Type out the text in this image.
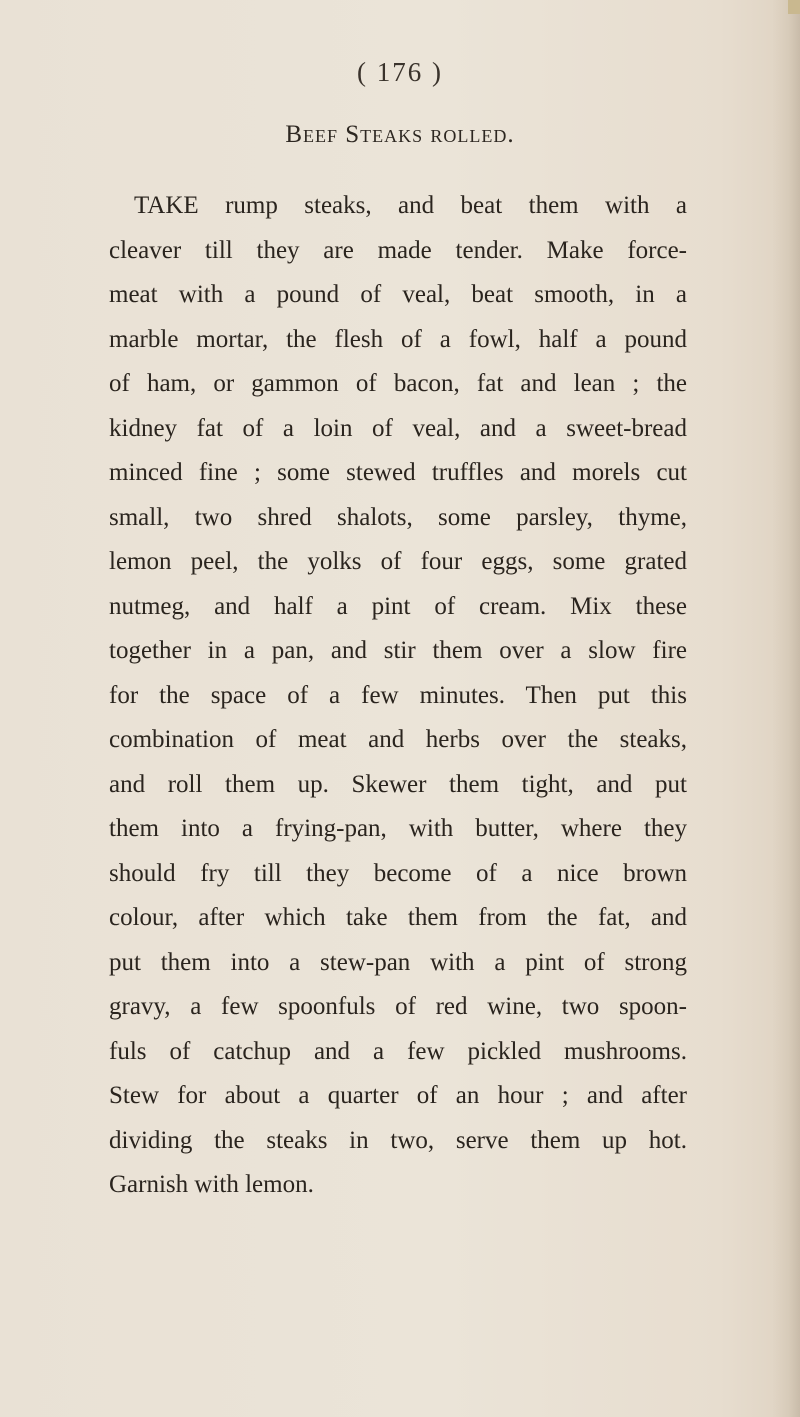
( 176 )
Beef Steaks rolled.
TAKE rump steaks, and beat them with a
cleaver till they are made tender. Make force-
meat with a pound of veal, beat smooth, in a
marble mortar, the flesh of a fowl, half a pound
of ham, or gammon of bacon, fat and lean ; the
kidney fat of a loin of veal, and a sweet-bread
minced fine ; some stewed truffles and morels cut
small, two shred shalots, some parsley, thyme,
lemon peel, the yolks of four eggs, some grated
nutmeg, and half a pint of cream. Mix these
together in a pan, and stir them over a slow fire
for the space of a few minutes. Then put this
combination of meat and herbs over the steaks,
and roll them up. Skewer them tight, and put
them into a frying-pan, with butter, where they
should fry till they become of a nice brown
colour, after which take them from the fat, and
put them into a stew-pan with a pint of strong
gravy, a few spoonfuls of red wine, two spoon-
fuls of catchup and a few pickled mushrooms.
Stew for about a quarter of an hour ; and after
dividing the steaks in two, serve them up hot.
Garnish with lemon.
